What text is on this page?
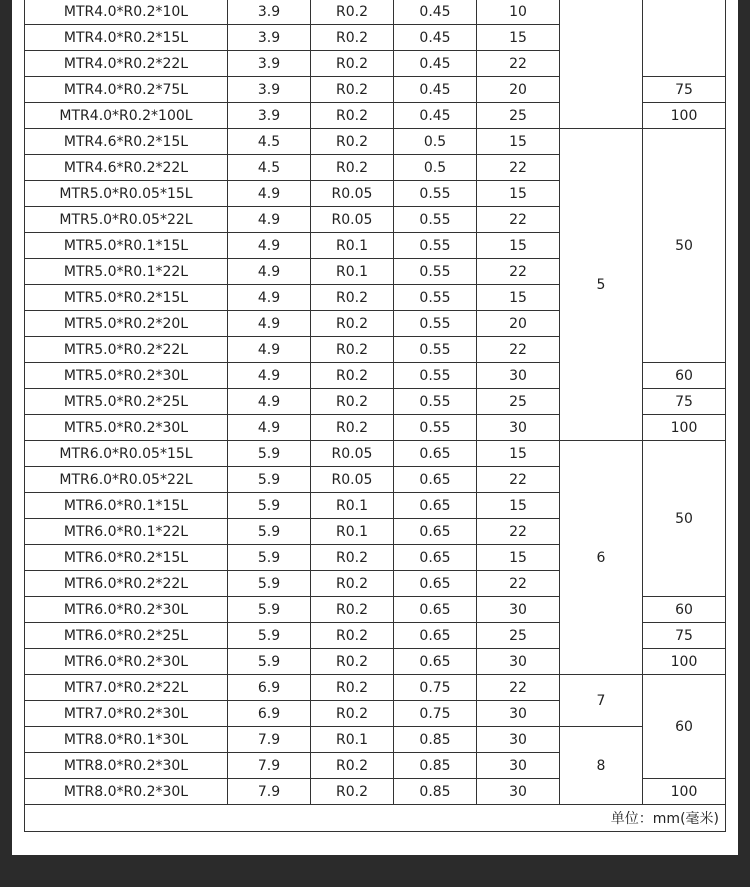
MTR4.0*R0.2*10L	3.9	R0.2	0.45	10		
MTR4.0*R0.2*15L	3.9	R0.2	0.45	15		
MTR4.0*R0.2*22L	3.9	R0.2	0.45	22		
MTR4.0*R0.2*75L	3.9	R0.2	0.45	20		75
MTR4.0*R0.2*100L	3.9	R0.2	0.45	25		100
MTR4.6*R0.2*15L	4.5	R0.2	0.5	15	5	50
MTR4.6*R0.2*22L	4.5	R0.2	0.5	22		
MTR5.0*R0.05*15L	4.9	R0.05	0.55	15		
MTR5.0*R0.05*22L	4.9	R0.05	0.55	22		
MTR5.0*R0.1*15L	4.9	R0.1	0.55	15		
MTR5.0*R0.1*22L	4.9	R0.1	0.55	22		
MTR5.0*R0.2*15L	4.9	R0.2	0.55	15		
MTR5.0*R0.2*20L	4.9	R0.2	0.55	20		
MTR5.0*R0.2*22L	4.9	R0.2	0.55	22		
MTR5.0*R0.2*30L	4.9	R0.2	0.55	30		60
MTR5.0*R0.2*25L	4.9	R0.2	0.55	25		75
MTR5.0*R0.2*30L	4.9	R0.2	0.55	30		100
MTR6.0*R0.05*15L	5.9	R0.05	0.65	15	6	50
MTR6.0*R0.05*22L	5.9	R0.05	0.65	22		
MTR6.0*R0.1*15L	5.9	R0.1	0.65	15		
MTR6.0*R0.1*22L	5.9	R0.1	0.65	22		
MTR6.0*R0.2*15L	5.9	R0.2	0.65	15		
MTR6.0*R0.2*22L	5.9	R0.2	0.65	22		
MTR6.0*R0.2*30L	5.9	R0.2	0.65	30		60
MTR6.0*R0.2*25L	5.9	R0.2	0.65	25		75
MTR6.0*R0.2*30L	5.9	R0.2	0.65	30		100
MTR7.0*R0.2*22L	6.9	R0.2	0.75	22	7	60
MTR7.0*R0.2*30L	6.9	R0.2	0.75	30		
MTR8.0*R0.1*30L	7.9	R0.1	0.85	30	8	
MTR8.0*R0.2*30L	7.9	R0.2	0.85	30		
MTR8.0*R0.2*30L	7.9	R0.2	0.85	30		100
单位：mm(毫米)						
